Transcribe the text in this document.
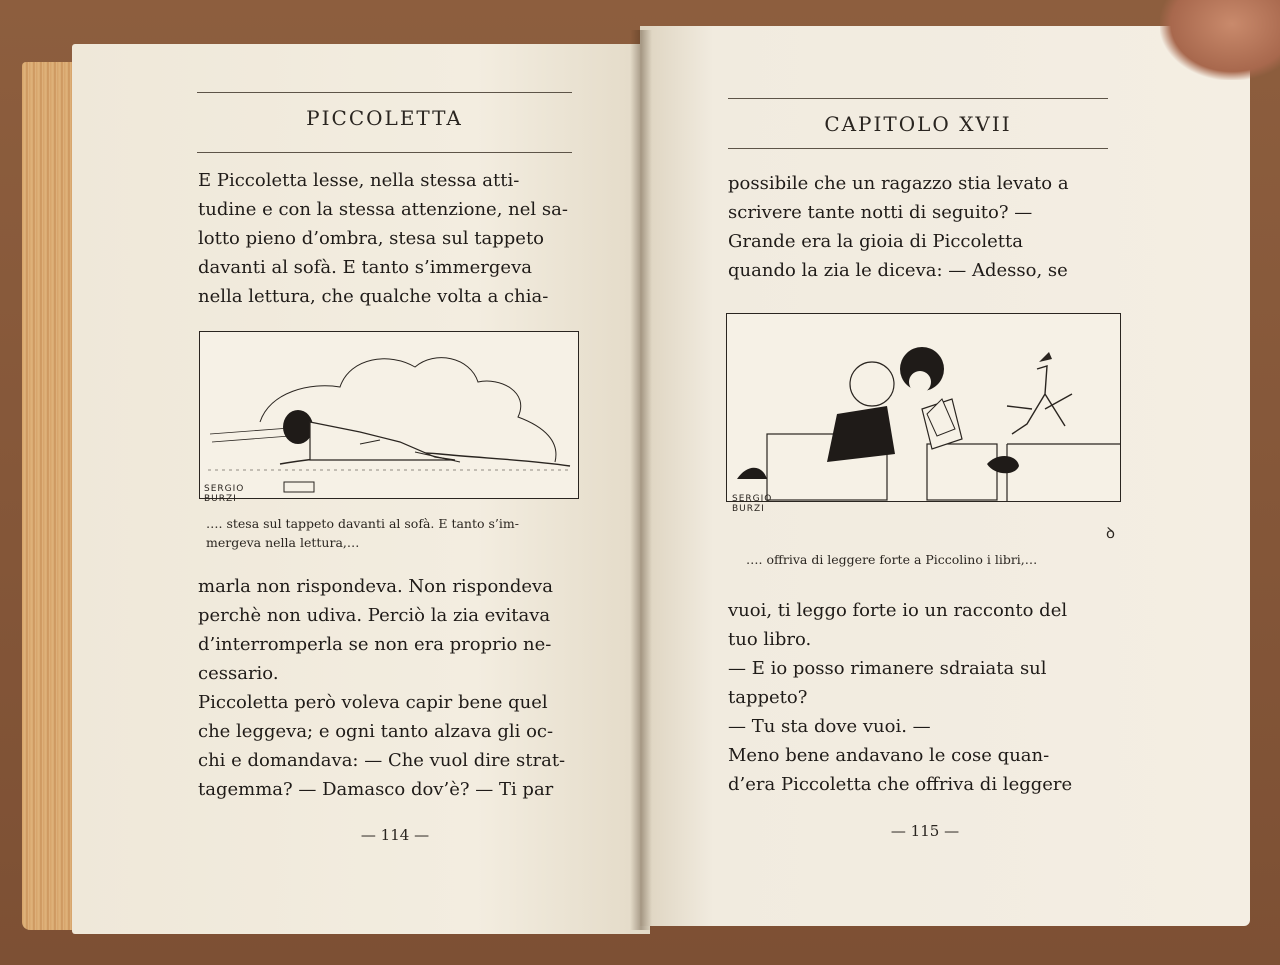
PICCOLETTA
E Piccoletta lesse, nella stessa atti-
tudine e con la stessa attenzione, nel sa-
lotto pieno d’ombra, stesa sul tappeto
davanti al sofà. E tanto s’immergeva
nella lettura, che qualche volta a chia-
SERGIO
BURZI
…. stesa sul tappeto davanti al sofà. E tanto s’im-
mergeva nella lettura,…
marla non rispondeva. Non rispondeva
perchè non udiva. Perciò la zia evitava
d’interromperla se non era proprio ne-
cessario.
Piccoletta però voleva capir bene quel
che leggeva; e ogni tanto alzava gli oc-
chi e domandava: — Che vuol dire strat-
tagemma? — Damasco dov’è? — Ti par
— 114 —
CAPITOLO XVII
possibile che un ragazzo stia levato a
scrivere tante notti di seguito? —
Grande era la gioia di Piccoletta
quando la zia le diceva: — Adesso, se
SERGIO
BURZI
ꝺ
…. offriva di leggere forte a Piccolino i libri,…
vuoi, ti leggo forte io un racconto del
tuo libro.
— E io posso rimanere sdraiata sul
tappeto?
— Tu sta dove vuoi. —
Meno bene andavano le cose quan-
d’era Piccoletta che offriva di leggere
— 115 —
